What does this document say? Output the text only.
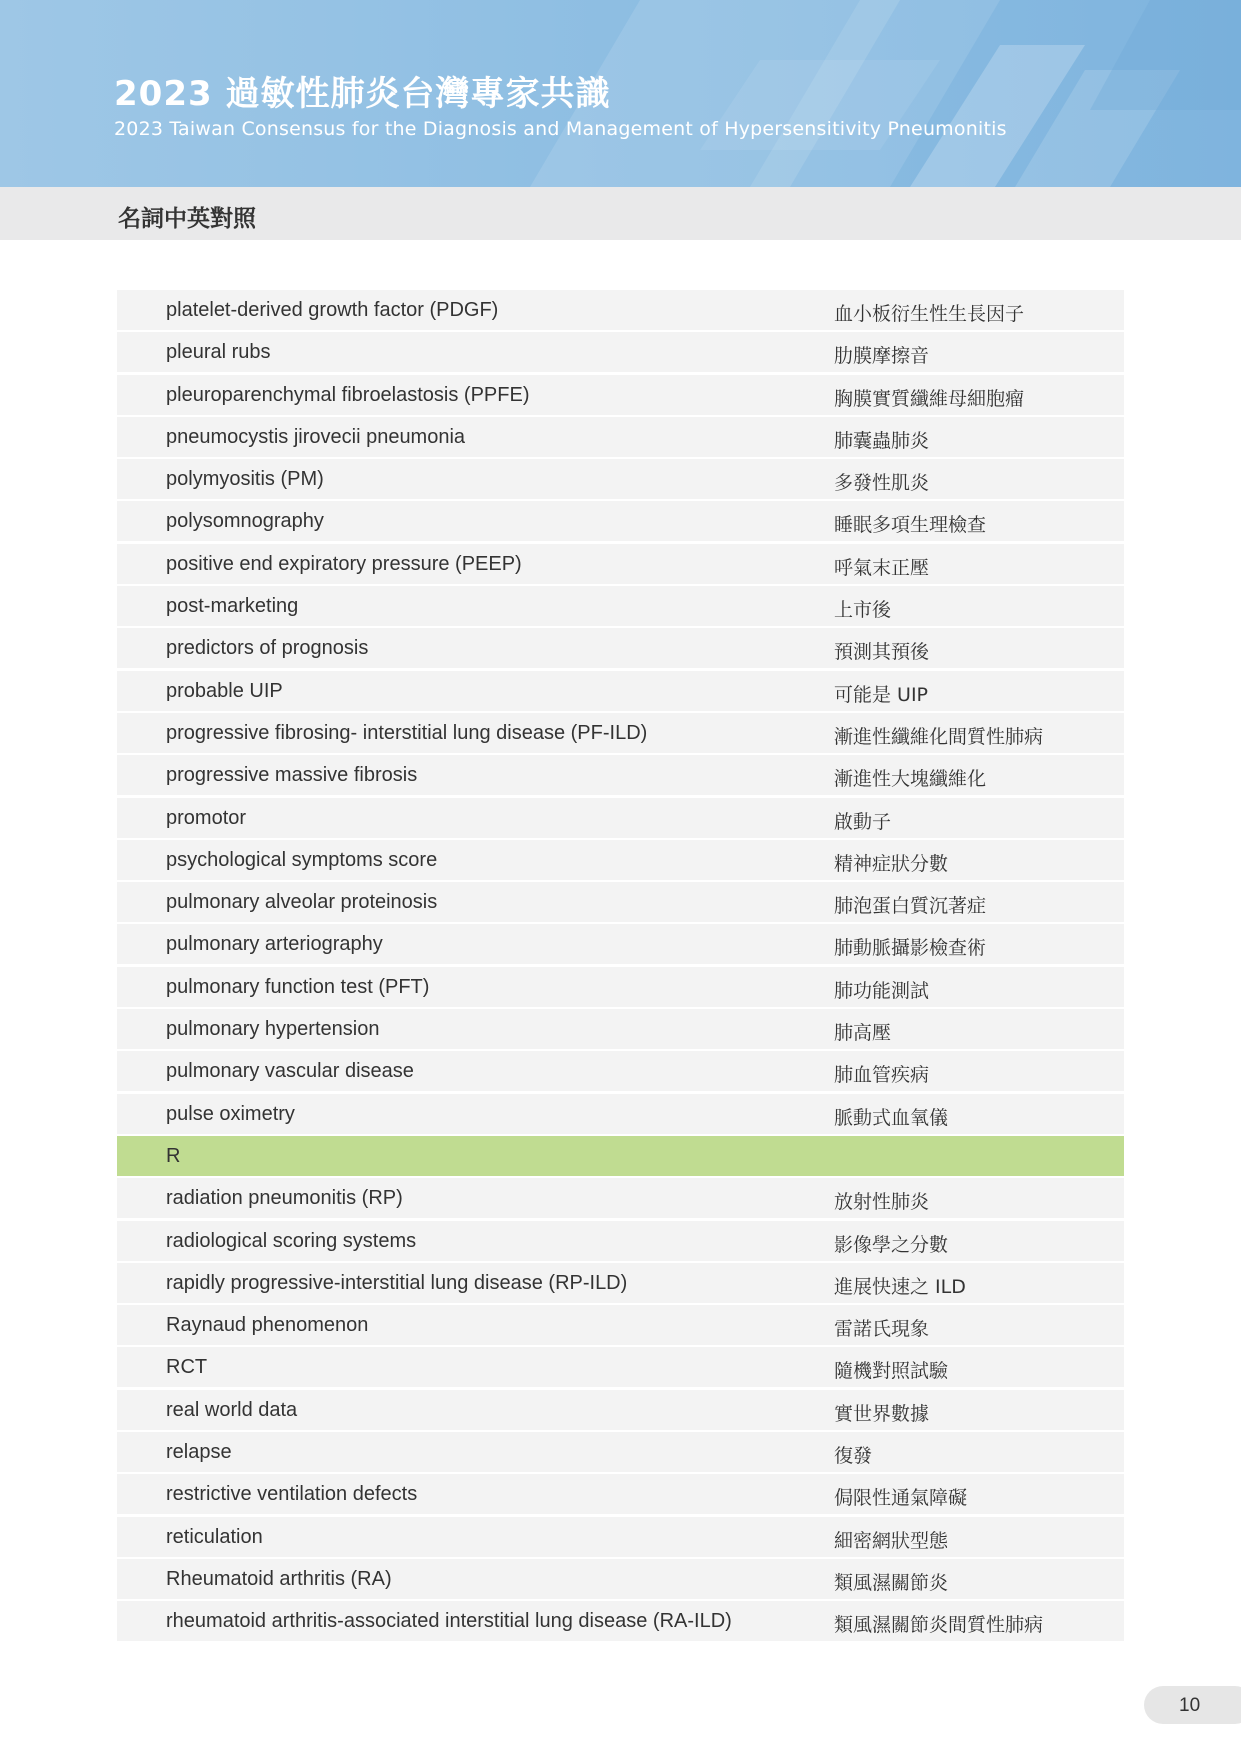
2023 過敏性肺炎台灣專家共識
2023 Taiwan Consensus for the Diagnosis and Management of Hypersensitivity Pneumonitis
名詞中英對照
platelet-derived growth factor (PDGF)	血小板衍生性生長因子
pleural rubs	肋膜摩擦音
pleuroparenchymal fibroelastosis (PPFE)	胸膜實質纖維母細胞瘤
pneumocystis jirovecii pneumonia	肺囊蟲肺炎
polymyositis (PM)	多發性肌炎
polysomnography	睡眠多項生理檢查
positive end expiratory pressure (PEEP)	呼氣末正壓
post-marketing	上市後
predictors of prognosis	預測其預後
probable UIP	可能是 UIP
progressive fibrosing- interstitial lung disease (PF-ILD)	漸進性纖維化間質性肺病
progressive massive fibrosis	漸進性大塊纖維化
promotor	啟動子
psychological symptoms score	精神症狀分數
pulmonary alveolar proteinosis	肺泡蛋白質沉著症
pulmonary arteriography	肺動脈攝影檢查術
pulmonary function test (PFT)	肺功能測試
pulmonary hypertension	肺高壓
pulmonary vascular disease	肺血管疾病
pulse oximetry	脈動式血氧儀
R
radiation pneumonitis (RP)	放射性肺炎
radiological scoring systems	影像學之分數
rapidly progressive-interstitial lung disease (RP-ILD)	進展快速之 ILD
Raynaud phenomenon	雷諾氏現象
RCT	隨機對照試驗
real world data	實世界數據
relapse	復發
restrictive ventilation defects	侷限性通氣障礙
reticulation	細密網狀型態
Rheumatoid arthritis (RA)	類風濕關節炎
rheumatoid arthritis-associated interstitial lung disease (RA-ILD)	類風濕關節炎間質性肺病
10
